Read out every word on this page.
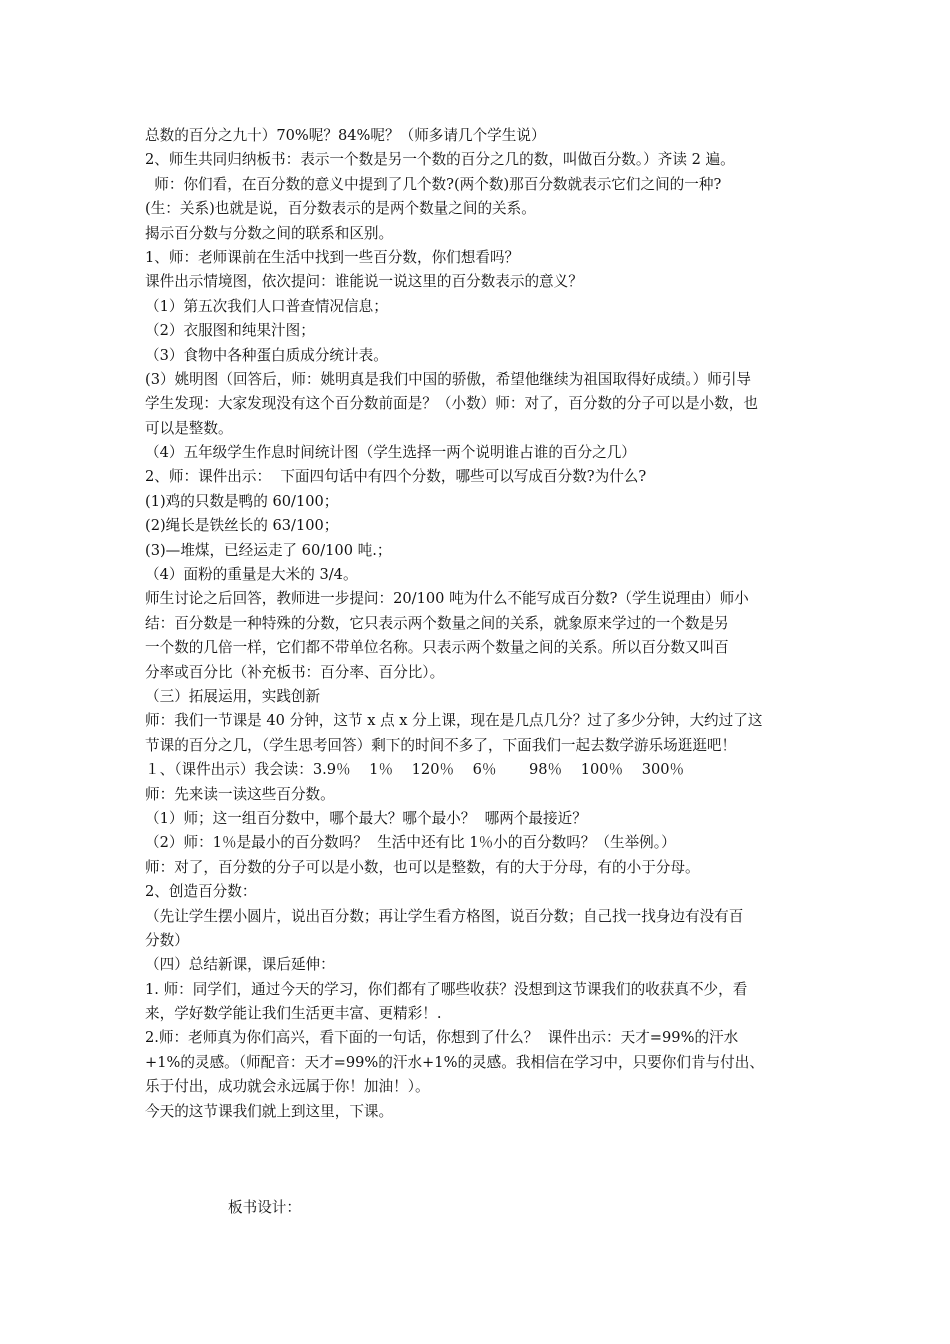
总数的百分之九十）70%呢？84%呢？（师多请几个学生说）
2、师生共同归纳板书：表示一个数是另一个数的百分之几的数，叫做百分数。）齐读 2 遍。
师：你们看，在百分数的意义中提到了几个数?(两个数)那百分数就表示它们之间的一种?
(生：关系)也就是说，百分数表示的是两个数量之间的关系。
揭示百分数与分数之间的联系和区别。
1、师：老师课前在生活中找到一些百分数，你们想看吗？
课件出示情境图，依次提问：谁能说一说这里的百分数表示的意义？
（1）第五次我们人口普查情况信息；
（2）衣服图和纯果汁图；
（3）食物中各种蛋白质成分统计表。
(3）姚明图（回答后，师：姚明真是我们中国的骄傲，希望他继续为祖国取得好成绩。）师引导
学生发现：大家发现没有这个百分数前面是？（小数）师：对了，百分数的分子可以是小数，也
可以是整数。
（4）五年级学生作息时间统计图（学生选择一两个说明谁占谁的百分之几）
2、师：课件出示：  下面四句话中有四个分数，哪些可以写成百分数?为什么?
(1)鸡的只数是鸭的 60/100；
(2)绳长是铁丝长的 63/100；
(3)—堆煤，已经运走了 60/100 吨.；
（4）面粉的重量是大米的 3/4。
师生讨论之后回答，教师进一步提问：20/100 吨为什么不能写成百分数?（学生说理由）师小
结：百分数是一种特殊的分数，它只表示两个数量之间的关系，就象原来学过的一个数是另
一个数的几倍一样，它们都不带单位名称。只表示两个数量之间的关系。所以百分数又叫百
分率或百分比（补充板书：百分率、百分比）。
（三）拓展运用，实践创新
师：我们一节课是 40 分钟，这节 x 点 x 分上课，现在是几点几分？过了多少分钟，大约过了这
节课的百分之几，（学生思考回答）剩下的时间不多了，下面我们一起去数学游乐场逛逛吧！
１、（课件出示）我会读：3.9％    1％    120％    6％       98％    100％    300％
师：先来读一读这些百分数。
（1）师；这一组百分数中，哪个最大？哪个最小？  哪两个最接近？
（2）师：1％是最小的百分数吗？  生活中还有比 1％小的百分数吗？（生举例。）
师：对了，百分数的分子可以是小数，也可以是整数，有的大于分母，有的小于分母。
2、创造百分数：
（先让学生摆小圆片，说出百分数；再让学生看方格图，说百分数；自己找一找身边有没有百
分数）
（四）总结新课，课后延伸：
1. 师：同学们，通过今天的学习，你们都有了哪些收获？没想到这节课我们的收获真不少，看
来，学好数学能让我们生活更丰富、更精彩！.
2.师：老师真为你们高兴，看下面的一句话，你想到了什么？  课件出示：天才=99%的汗水
+1%的灵感。（师配音：天才=99%的汗水+1%的灵感。我相信在学习中，只要你们肯与付出、
乐于付出，成功就会永远属于你！加油！）。
今天的这节课我们就上到这里，下课。
板书设计：
